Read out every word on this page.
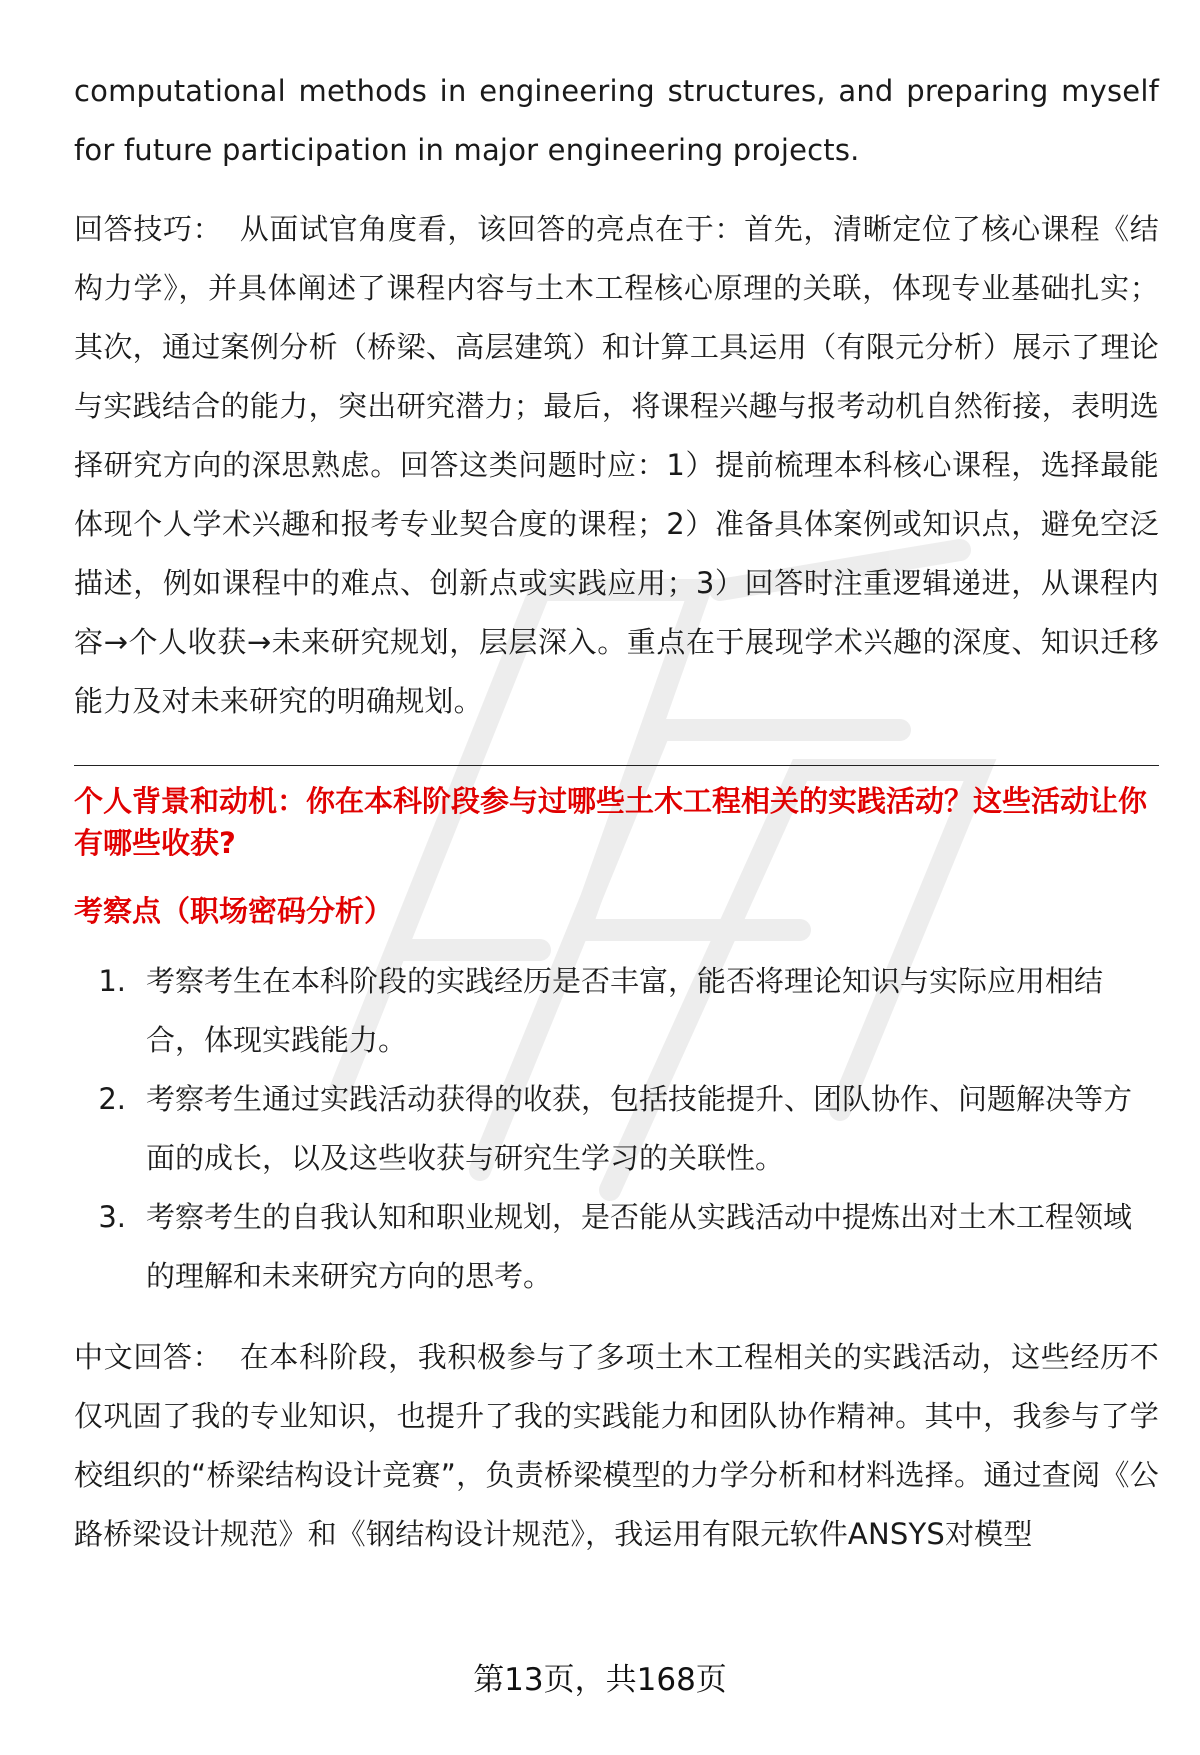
computational methods in engineering structures, and preparing myself for future participation in major engineering projects.

回答技巧： 从面试官角度看，该回答的亮点在于：首先，清晰定位了核心课程《结构力学》，并具体阐述了课程内容与土木工程核心原理的关联，体现专业基础扎实；其次，通过案例分析（桥梁、高层建筑）和计算工具运用（有限元分析）展示了理论与实践结合的能力，突出研究潜力；最后，将课程兴趣与报考动机自然衔接，表明选择研究方向的深思熟虑。回答这类问题时应：1）提前梳理本科核心课程，选择最能体现个人学术兴趣和报考专业契合度的课程；2）准备具体案例或知识点，避免空泛描述，例如课程中的难点、创新点或实践应用；3）回答时注重逻辑递进，从课程内容→个人收获→未来研究规划，层层深入。重点在于展现学术兴趣的深度、知识迁移能力及对未来研究的明确规划。

个人背景和动机：你在本科阶段参与过哪些土木工程相关的实践活动？这些活动让你有哪些收获?
考察点（职场密码分析）
1. 考察考生在本科阶段的实践经历是否丰富，能否将理论知识与实际应用相结合，体现实践能力。
2. 考察考生通过实践活动获得的收获，包括技能提升、团队协作、问题解决等方面的成长，以及这些收获与研究生学习的关联性。
3. 考察考生的自我认知和职业规划，是否能从实践活动中提炼出对土木工程领域的理解和未来研究方向的思考。

中文回答： 在本科阶段，我积极参与了多项土木工程相关的实践活动，这些经历不仅巩固了我的专业知识，也提升了我的实践能力和团队协作精神。其中，我参与了学校组织的“桥梁结构设计竞赛”，负责桥梁模型的力学分析和材料选择。通过查阅《公路桥梁设计规范》和《钢结构设计规范》，我运用有限元软件ANSYS对模型

第13页，共168页
